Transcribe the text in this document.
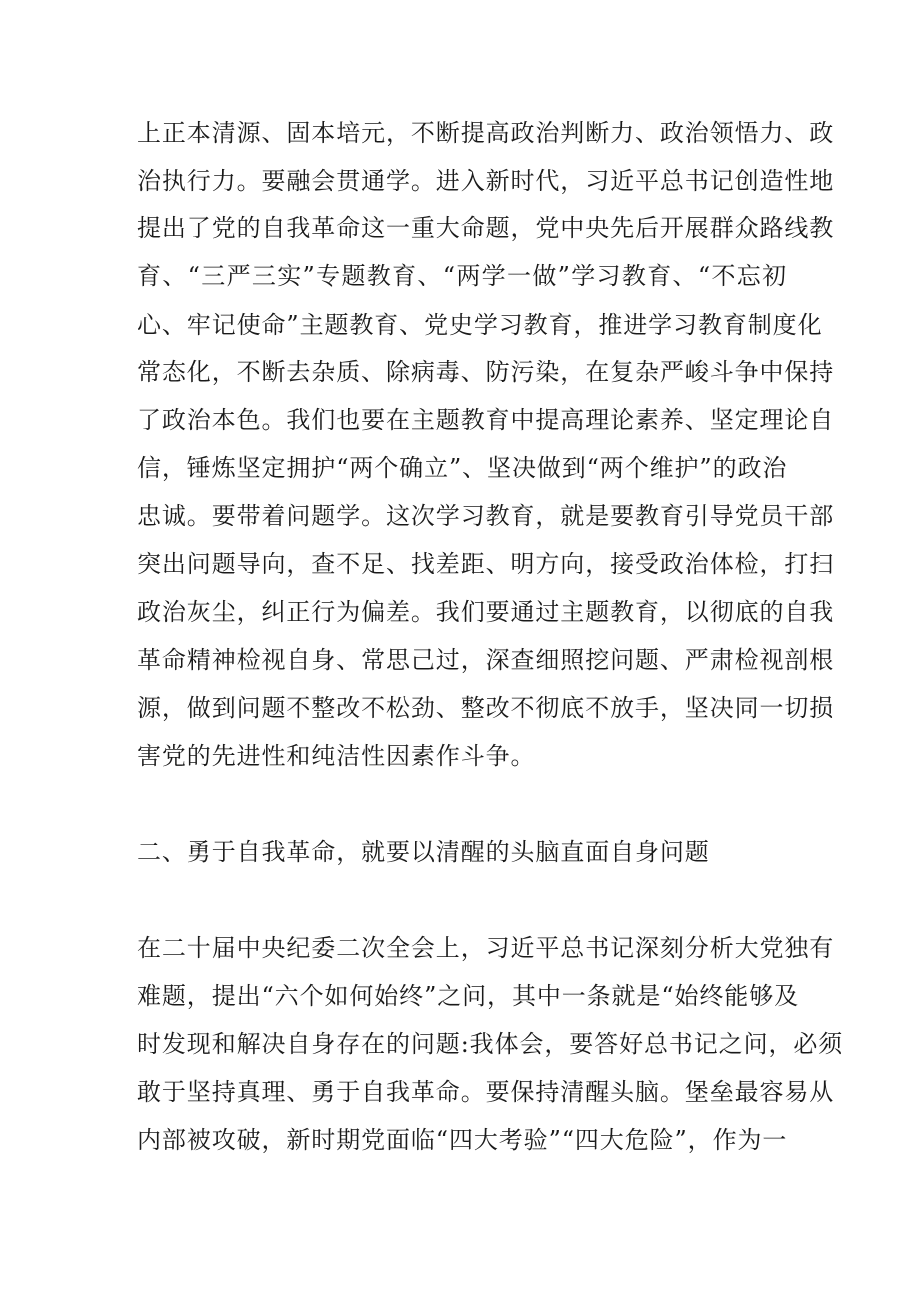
上正本清源、固本培元，不断提高政治判断力、政治领悟力、政
治执行力。要融会贯通学。进入新时代，习近平总书记创造性地
提出了党的自我革命这一重大命题，党中央先后开展群众路线教
育、“三严三实”专题教育、“两学一做”学习教育、“不忘初
心、牢记使命”主题教育、党史学习教育，推进学习教育制度化
常态化，不断去杂质、除病毒、防污染，在复杂严峻斗争中保持
了政治本色。我们也要在主题教育中提高理论素养、坚定理论自
信，锤炼坚定拥护“两个确立”、坚决做到“两个维护”的政治
忠诚。要带着问题学。这次学习教育，就是要教育引导党员干部
突出问题导向，查不足、找差距、明方向，接受政治体检，打扫
政治灰尘，纠正行为偏差。我们要通过主题教育，以彻底的自我
革命精神检视自身、常思己过，深查细照挖问题、严肃检视剖根
源，做到问题不整改不松劲、整改不彻底不放手，坚决同一切损
害党的先进性和纯洁性因素作斗争。
二、勇于自我革命，就要以清醒的头脑直面自身问题
在二十届中央纪委二次全会上，习近平总书记深刻分析大党独有
难题，提出“六个如何始终”之问，其中一条就是“始终能够及
时发现和解决自身存在的问题:我体会，要答好总书记之问，必须
敢于坚持真理、勇于自我革命。要保持清醒头脑。堡垒最容易从
内部被攻破，新时期党面临“四大考验”“四大危险”，作为一
